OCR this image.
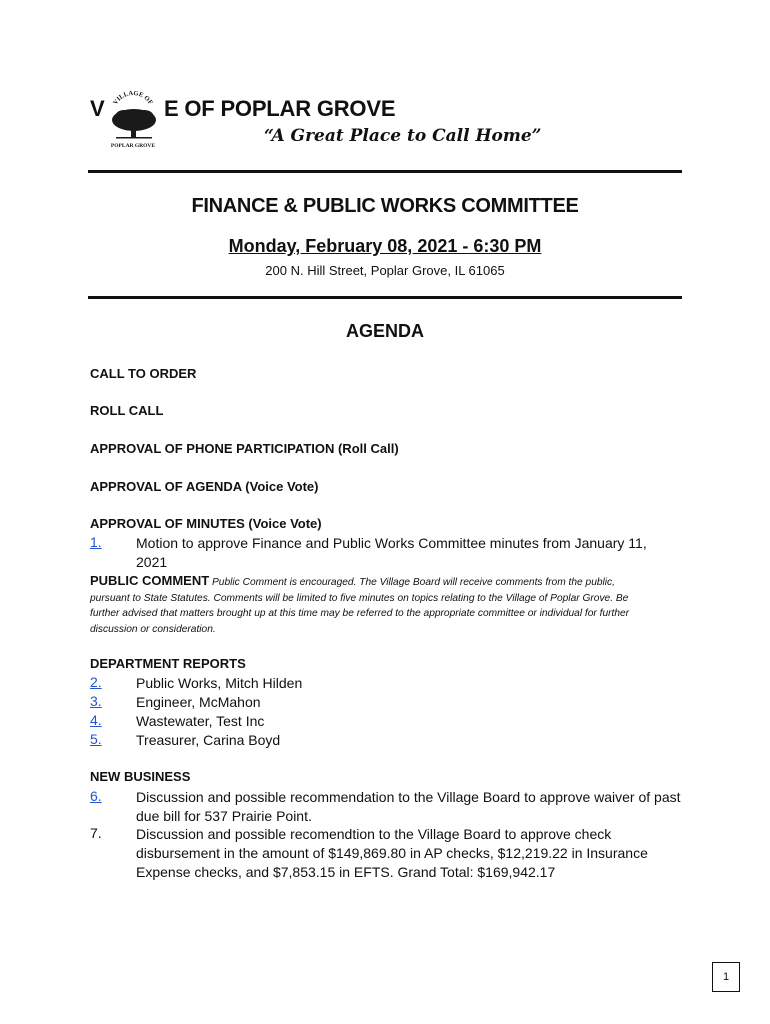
V VILLAGE OF
POPLAR GROVE
E OF POPLAR GROVE
“A Great Place to Call Home”
FINANCE & PUBLIC WORKS COMMITTEE
Monday, February 08, 2021 - 6:30 PM
200 N. Hill Street, Poplar Grove, IL 61065
AGENDA
CALL TO ORDER
ROLL CALL
APPROVAL OF PHONE PARTICIPATION (Roll Call)
APPROVAL OF AGENDA (Voice Vote)
APPROVAL OF MINUTES (Voice Vote)
1. Motion to approve Finance and Public Works Committee minutes from January 11, 2021
PUBLIC COMMENT Public Comment is encouraged. The Village Board will receive comments from the public, pursuant to State Statutes. Comments will be limited to five minutes on topics relating to the Village of Poplar Grove. Be further advised that matters brought up at this time may be referred to the appropriate committee or individual for further discussion or consideration.
DEPARTMENT REPORTS
2. Public Works, Mitch Hilden
3. Engineer, McMahon
4. Wastewater, Test Inc
5. Treasurer, Carina Boyd
NEW BUSINESS
6. Discussion and possible recommendation to the Village Board to approve waiver of past due bill for 537 Prairie Point.
7. Discussion and possible recomendtion to the Village Board to approve check disbursement in the amount of $149,869.80 in AP checks, $12,219.22 in Insurance Expense checks, and $7,853.15 in EFTS. Grand Total: $169,942.17
1
